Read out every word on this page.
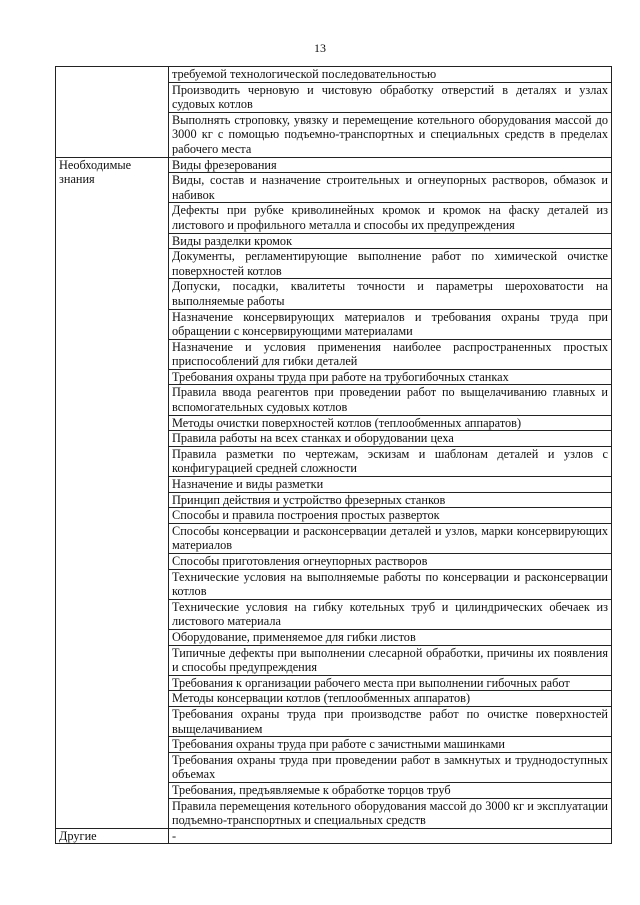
13
	требуемой технологической последовательностью
	Производить черновую и чистовую обработку отверстий в деталях и узлах судовых котлов
	Выполнять строповку, увязку и перемещение котельного оборудования массой до 3000 кг с помощью подъемно-транспортных и специальных средств в пределах рабочего места
Необходимые знания	Виды фрезерования
	Виды, состав и назначение строительных и огнеупорных растворов, обмазок и набивок
	Дефекты при рубке криволинейных кромок и кромок на фаску деталей из листового и профильного металла и способы их предупреждения
	Виды разделки кромок
	Документы, регламентирующие выполнение работ по химической очистке поверхностей котлов
	Допуски, посадки, квалитеты точности и параметры шероховатости на выполняемые работы
	Назначение консервирующих материалов и требования охраны труда при обращении с консервирующими материалами
	Назначение и условия применения наиболее распространенных простых приспособлений для гибки деталей
	Требования охраны труда при работе на трубогибочных станках
	Правила ввода реагентов при проведении работ по выщелачиванию главных и вспомогательных судовых котлов
	Методы очистки поверхностей котлов (теплообменных аппаратов)
	Правила работы на всех станках и оборудовании цеха
	Правила разметки по чертежам, эскизам и шаблонам деталей и узлов с конфигурацией средней сложности
	Назначение и виды разметки
	Принцип действия и устройство фрезерных станков
	Способы и правила построения простых разверток
	Способы консервации и расконсервации деталей и узлов, марки консервирующих материалов
	Способы приготовления огнеупорных растворов
	Технические условия на выполняемые работы по консервации и расконсервации котлов
	Технические условия на гибку котельных труб и цилиндрических обечаек из листового материала
	Оборудование, применяемое для гибки листов
	Типичные дефекты при выполнении слесарной обработки, причины их появления и способы предупреждения
	Требования к организации рабочего места при выполнении гибочных работ
	Методы консервации котлов (теплообменных аппаратов)
	Требования охраны труда при производстве работ по очистке поверхностей выщелачиванием
	Требования охраны труда при работе с зачистными машинками
	Требования охраны труда при проведении работ в замкнутых и труднодоступных объемах
	Требования, предъявляемые к обработке торцов труб
	Правила перемещения котельного оборудования массой до 3000 кг и эксплуатации подъемно-транспортных и специальных средств
Другие	-
